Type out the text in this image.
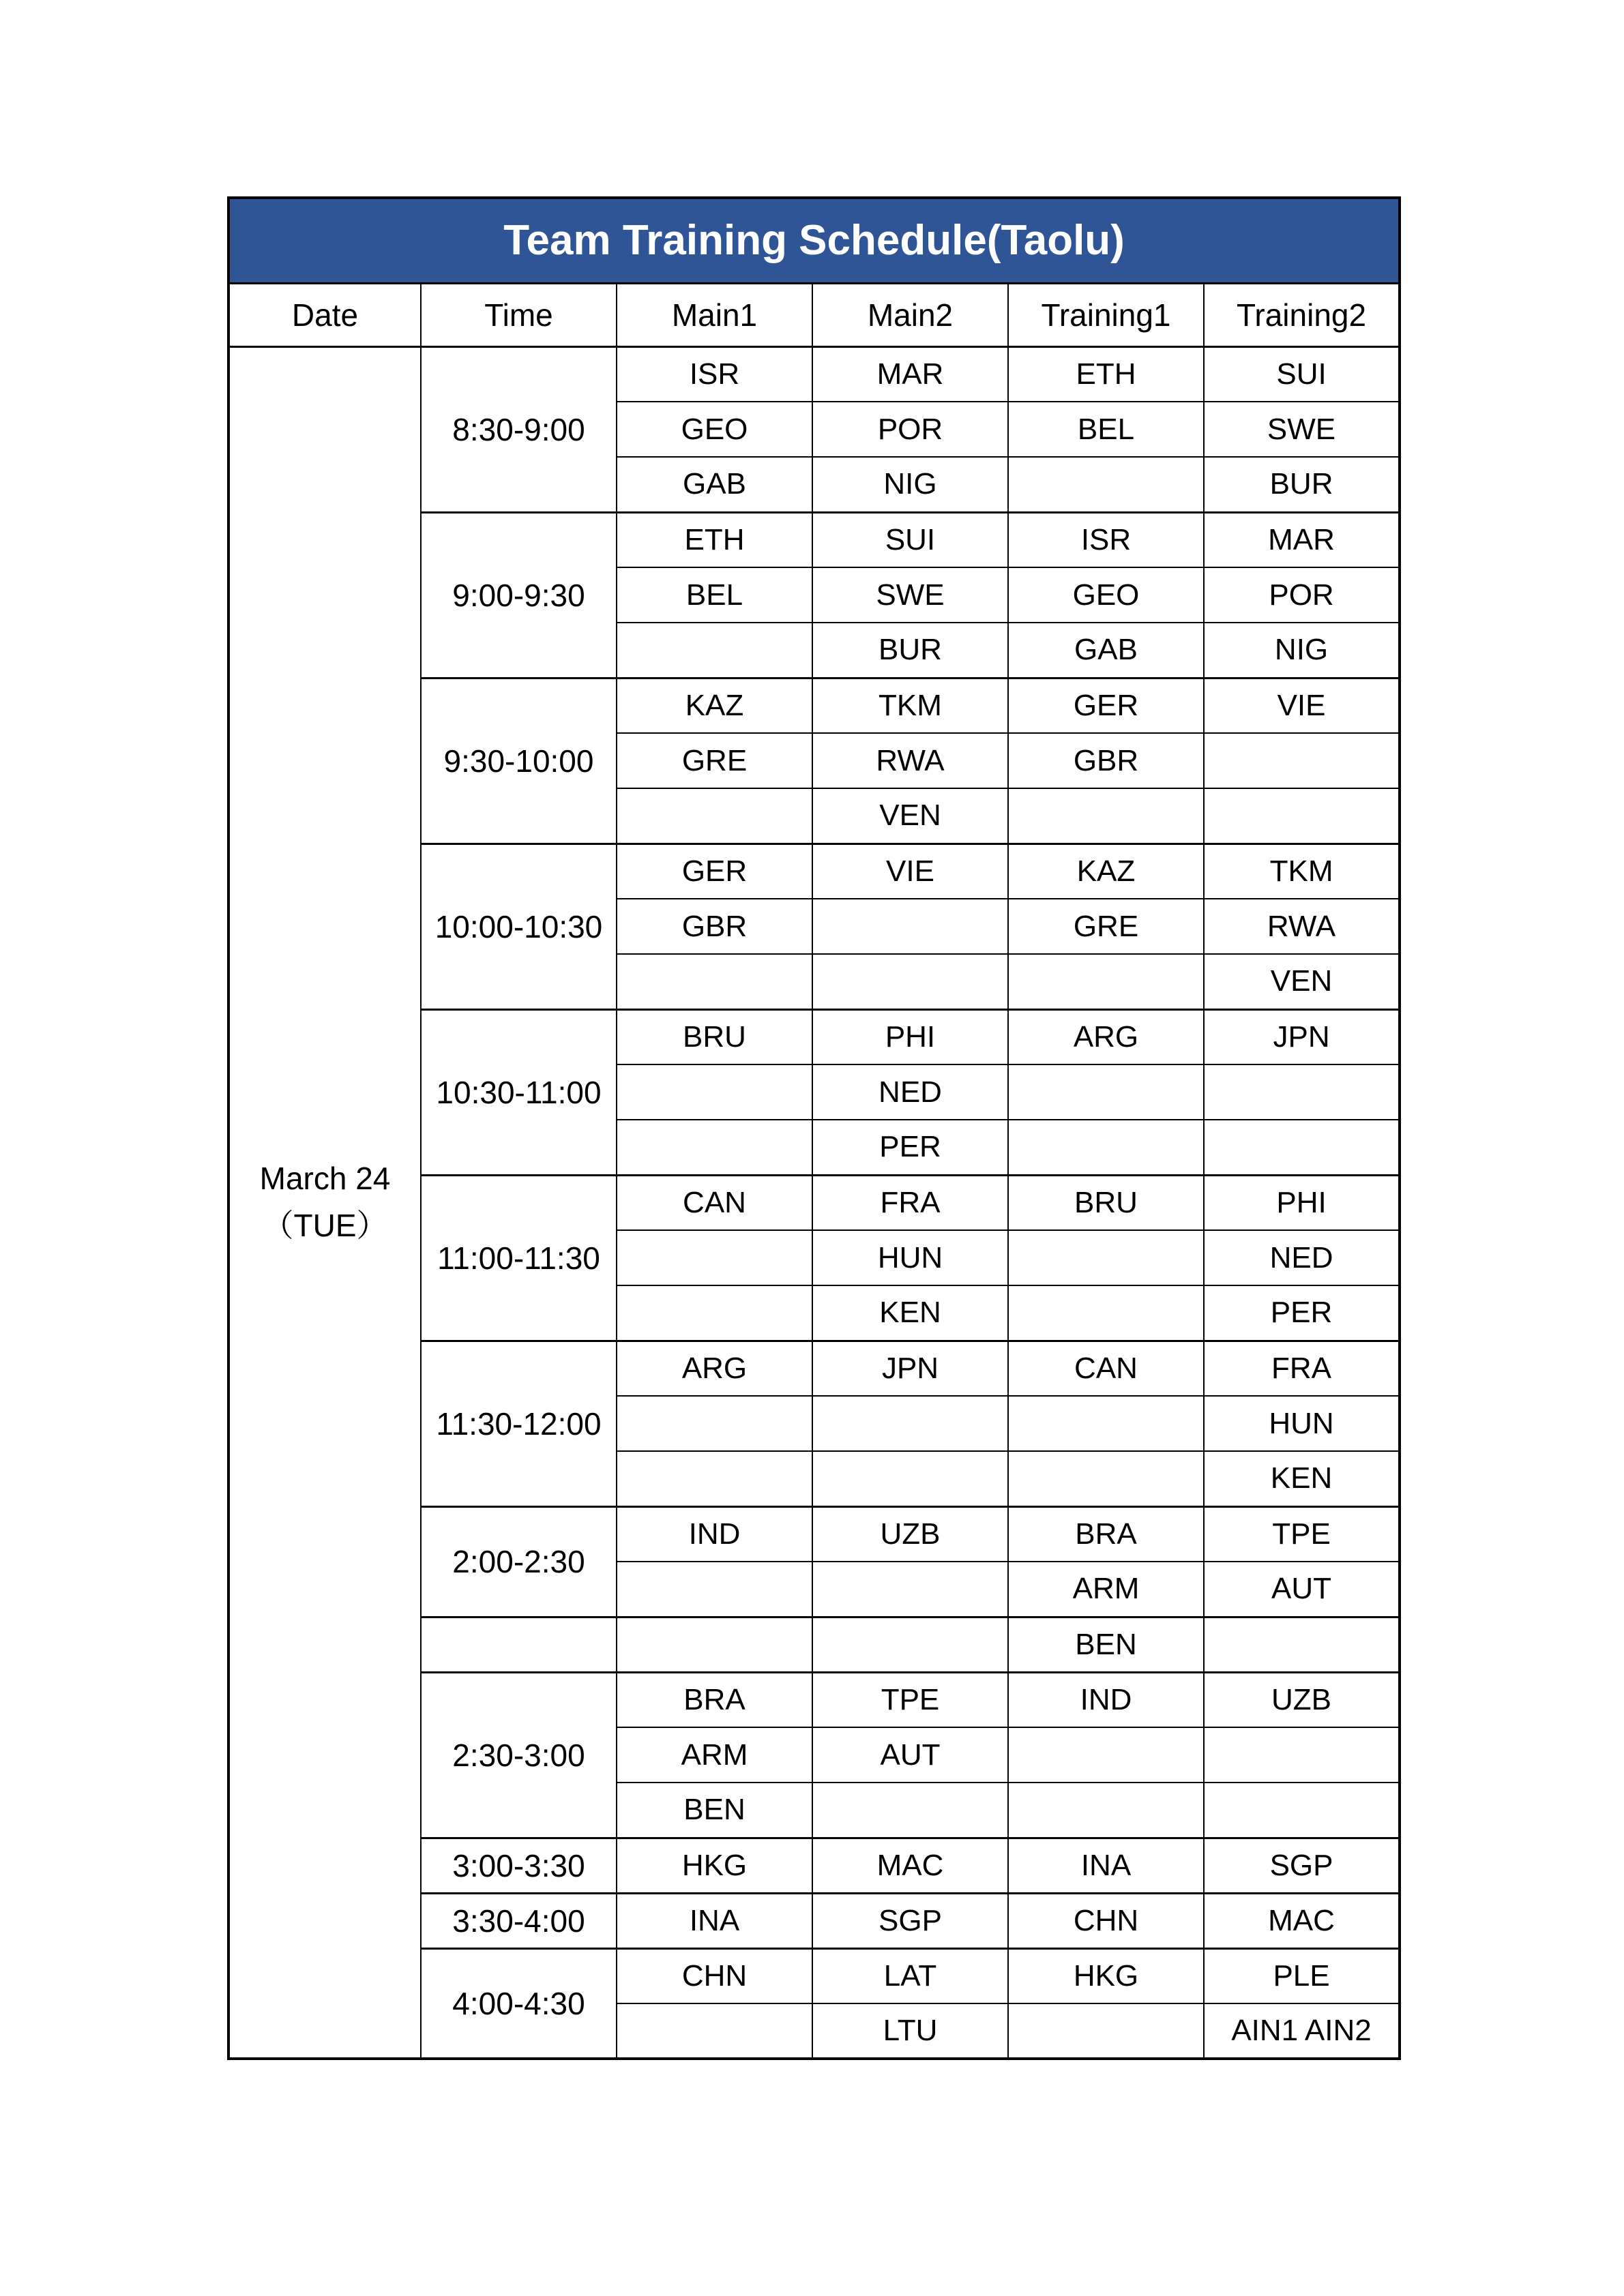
Team Training Schedule(Taolu)					
Date	Time	Main1	Main2	Training1	Training2

March 24
（TUE）	8:30-9:00	ISR	MAR	ETH	SUI
		GEO	POR	BEL	SWE
		GAB	NIG		BUR
	9:00-9:30	ETH	SUI	ISR	MAR
		BEL	SWE	GEO	POR
			BUR	GAB	NIG
	9:30-10:00	KAZ	TKM	GER	VIE
		GRE	RWA	GBR	
			VEN		
	10:00-10:30	GER	VIE	KAZ	TKM
		GBR		GRE	RWA
					VEN
	10:30-11:00	BRU	PHI	ARG	JPN
			NED		
			PER		
	11:00-11:30	CAN	FRA	BRU	PHI
			HUN		NED
			KEN		PER
	11:30-12:00	ARG	JPN	CAN	FRA
					HUN
					KEN
	2:00-2:30	IND	UZB	BRA	TPE
				ARM	AUT
				BEN	
	2:30-3:00	BRA	TPE	IND	UZB
		ARM	AUT		
		BEN			
	3:00-3:30	HKG	MAC	INA	SGP
	3:30-4:00	INA	SGP	CHN	MAC
	4:00-4:30	CHN	LAT	HKG	PLE
			LTU		AIN1 AIN2
